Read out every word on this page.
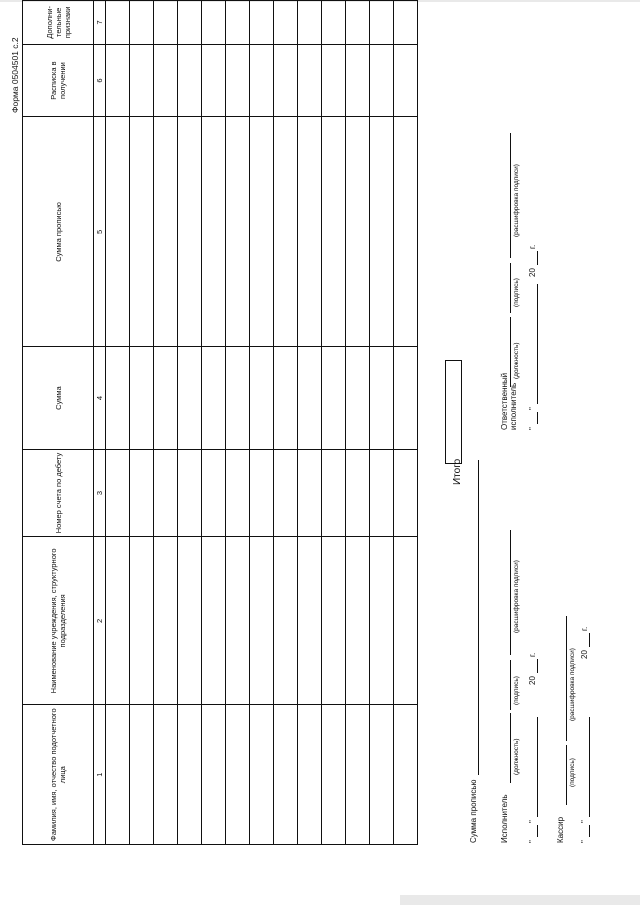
Форма 0504501 с.2
Фамилия, имя, отчество подотчетного лица	Наименование учреждения, структурного подразделения	Номер счета по дебету	Сумма	Сумма прописью	Расписка в получении	Дополни-тельные признаки
1	2	3	4	5	6	7

Итого
Сумма прописью	Исполнитель
(должность)
(подпись)
(расшифровка подписи)
"
"
20
г.
Кассир
(подпись)
(расшифровка подписи)
"
"
20
г.
Ответственный исполнитель
(должность)
(подпись)
(расшифровка подписи)
"
"
20
г.
